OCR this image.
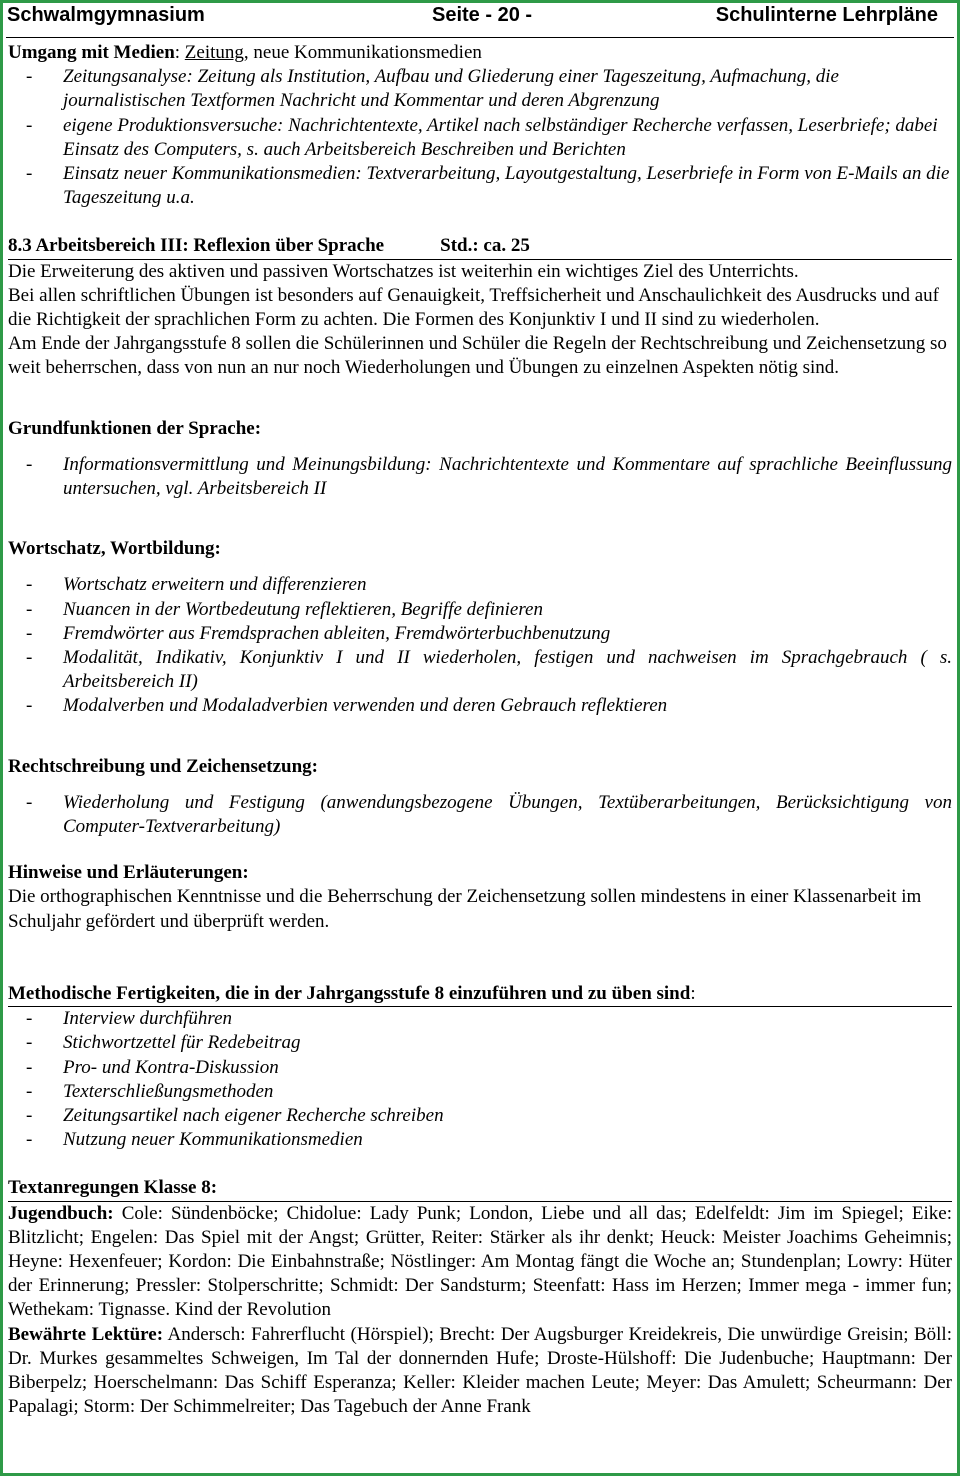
Schwalmgymnasium	Seite - 20 -	Schulinterne Lehrpläne

Umgang mit Medien: Zeitung, neue Kommunikationsmedien

-	Zeitungsanalyse: Zeitung als Institution, Aufbau und Gliederung einer Tageszeitung, Aufmachung, die journalistischen Textformen Nachricht und Kommentar und deren Abgrenzung
-	eigene Produktionsversuche: Nachrichtentexte, Artikel nach selbständiger Recherche verfassen, Leserbriefe; dabei Einsatz des Computers, s. auch Arbeitsbereich Beschreiben und Berichten
-	Einsatz neuer Kommunikationsmedien: Textverarbeitung, Layoutgestaltung, Leserbriefe in Form von E-Mails an die Tageszeitung u.a.

8.3 Arbeitsbereich III: Reflexion über Sprache	Std.: ca. 25

Die Erweiterung des aktiven und passiven Wortschatzes ist weiterhin ein wichtiges Ziel des Unterrichts.

Bei allen schriftlichen Übungen ist besonders auf Genauigkeit, Treffsicherheit und Anschaulichkeit des Ausdrucks und auf die Richtigkeit der sprachlichen Form zu achten. Die Formen des Konjunktiv I und II sind zu wiederholen.

Am Ende der Jahrgangsstufe 8 sollen die Schülerinnen und Schüler die Regeln der Rechtschreibung und Zeichensetzung so weit beherrschen, dass von nun an nur noch Wiederholungen und Übungen zu einzelnen Aspekten nötig sind.

Grundfunktionen der Sprache:

-	Informationsvermittlung und Meinungsbildung: Nachrichtentexte und Kommentare auf sprachliche Beeinflussung untersuchen, vgl. Arbeitsbereich II

Wortschatz, Wortbildung:

-	Wortschatz erweitern und differenzieren
-	Nuancen in der Wortbedeutung reflektieren, Begriffe definieren
-	Fremdwörter aus Fremdsprachen ableiten, Fremdwörterbuchbenutzung
-	Modalität, Indikativ, Konjunktiv I und II wiederholen, festigen und nachweisen im Sprachgebrauch ( s. Arbeitsbereich II)
-	Modalverben und Modaladverbien verwenden und deren Gebrauch reflektieren

Rechtschreibung und Zeichensetzung:

-	Wiederholung und Festigung (anwendungsbezogene Übungen, Textüberarbeitungen, Berücksichtigung von Computer-Textverarbeitung)

Hinweise und Erläuterungen:

Die orthographischen Kenntnisse und die Beherrschung der Zeichensetzung sollen mindestens in einer Klassenarbeit im Schuljahr gefördert und überprüft werden.

Methodische Fertigkeiten, die in der Jahrgangsstufe 8 einzuführen und zu üben sind:

-	Interview durchführen
-	Stichwortzettel für Redebeitrag
-	Pro- und Kontra-Diskussion
-	Texterschließungsmethoden
-	Zeitungsartikel nach eigener Recherche schreiben
-	Nutzung neuer Kommunikationsmedien

Textanregungen Klasse 8:

Jugendbuch: Cole: Sündenböcke; Chidolue: Lady Punk; London, Liebe und all das; Edelfeldt: Jim im Spiegel; Eike: Blitzlicht; Engelen: Das Spiel mit der Angst; Grütter, Reiter: Stärker als ihr denkt; Heuck: Meister Joachims Geheimnis; Heyne: Hexenfeuer; Kordon: Die Einbahnstraße; Nöstlinger: Am Montag fängt die Woche an; Stundenplan; Lowry: Hüter der Erinnerung; Pressler: Stolperschritte; Schmidt: Der Sandsturm; Steenfatt: Hass im Herzen; Immer mega - immer fun; Wethekam: Tignasse. Kind der Revolution

Bewährte Lektüre: Andersch: Fahrerflucht (Hörspiel); Brecht: Der Augsburger Kreidekreis, Die unwürdige Greisin; Böll: Dr. Murkes gesammeltes Schweigen, Im Tal der donnernden Hufe; Droste-Hülshoff: Die Judenbuche; Hauptmann: Der Biberpelz; Hoerschelmann: Das Schiff Esperanza; Keller: Kleider machen Leute; Meyer: Das Amulett; Scheurmann: Der Papalagi; Storm: Der Schimmelreiter; Das Tagebuch der Anne Frank
